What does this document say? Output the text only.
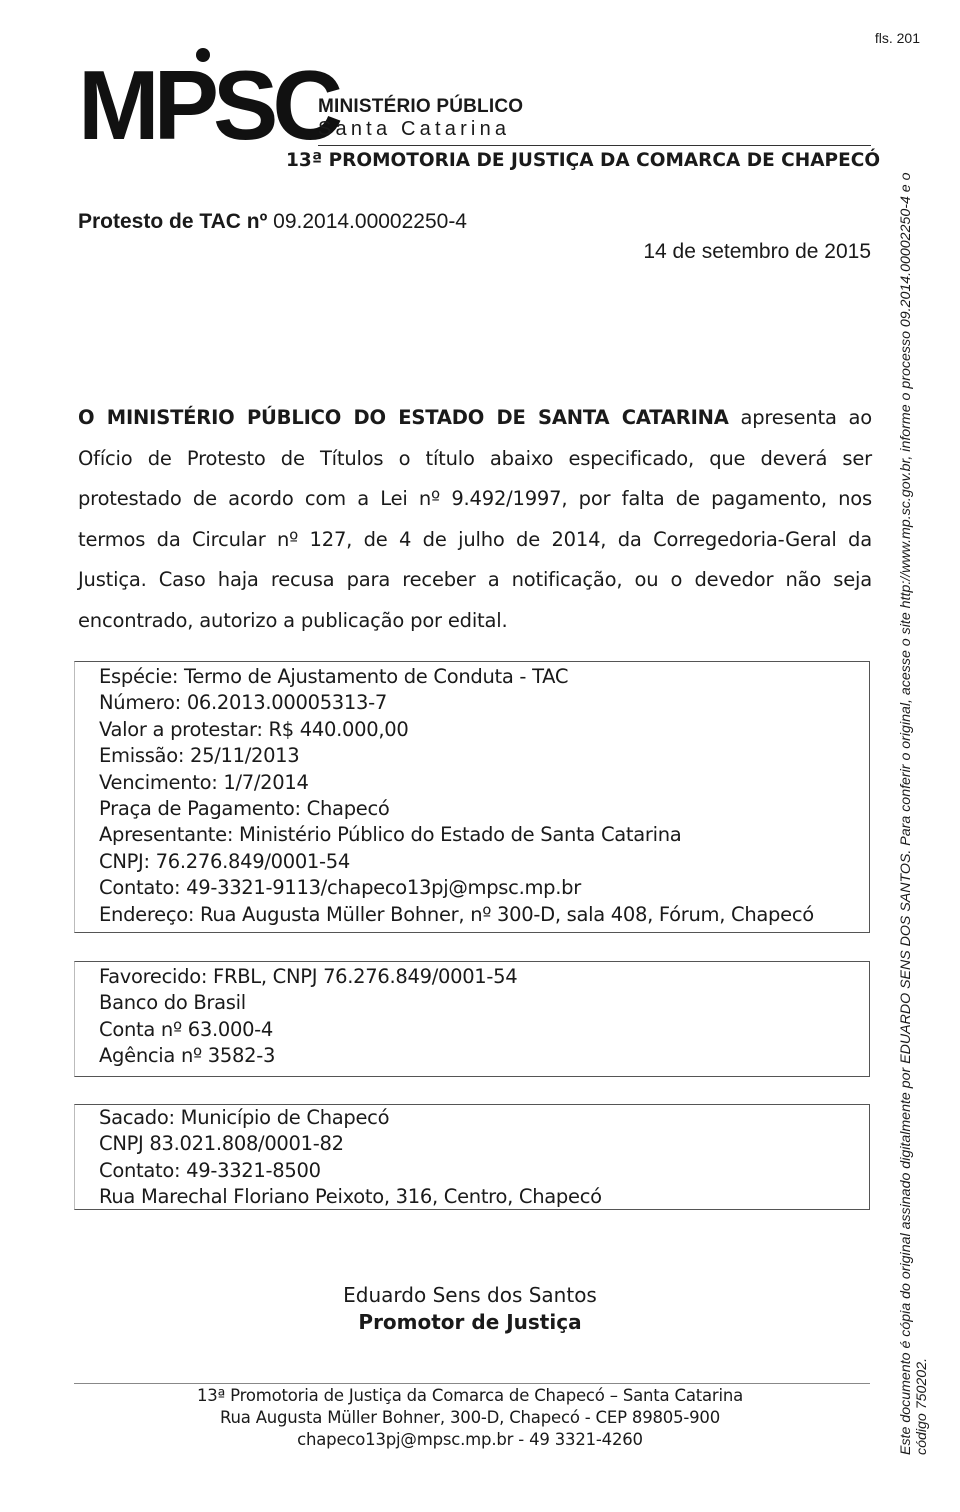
fls. 201
MPSC
MINISTÉRIO PÚBLICO
Santa Catarina
13ª PROMOTORIA DE JUSTIÇA DA COMARCA DE CHAPECÓ
Protesto de TAC nº 09.2014.00002250-4
14 de setembro de 2015
O MINISTÉRIO PÚBLICO DO ESTADO DE SANTA CATARINA apresenta ao Ofício de Protesto de Títulos o título abaixo especificado, que deverá ser protestado de acordo com a Lei nº 9.492/1997, por falta de pagamento, nos termos da Circular nº 127, de 4 de julho de 2014, da Corregedoria-Geral da Justiça. Caso haja recusa para receber a notificação, ou o devedor não seja encontrado, autorizo a publicação por edital.
Espécie: Termo de Ajustamento de Conduta - TAC
Número: 06.2013.00005313-7
Valor a protestar: R$ 440.000,00
Emissão: 25/11/2013
Vencimento: 1/7/2014
Praça de Pagamento: Chapecó
Apresentante: Ministério Público do Estado de Santa Catarina
CNPJ: 76.276.849/0001-54
Contato: 49-3321-9113/chapeco13pj@mpsc.mp.br
Endereço: Rua Augusta Müller Bohner, nº 300-D, sala 408, Fórum, Chapecó
Favorecido: FRBL, CNPJ 76.276.849/0001-54
Banco do Brasil
Conta nº 63.000-4
Agência nº 3582-3
Sacado: Município de Chapecó
CNPJ 83.021.808/0001-82
Contato: 49-3321-8500
Rua Marechal Floriano Peixoto, 316, Centro, Chapecó
Eduardo Sens dos Santos
Promotor de Justiça
13ª Promotoria de Justiça da Comarca de Chapecó – Santa Catarina
Rua Augusta Müller Bohner, 300-D, Chapecó - CEP 89805-900
chapeco13pj@mpsc.mp.br - 49 3321-4260	Este documento é cópia do original assinado digitalmente por EDUARDO SENS DOS SANTOS. Para conferir o original, acesse o site http://www.mp.sc.gov.br, informe o processo 09.2014.00002250-4 e o código 750202.
